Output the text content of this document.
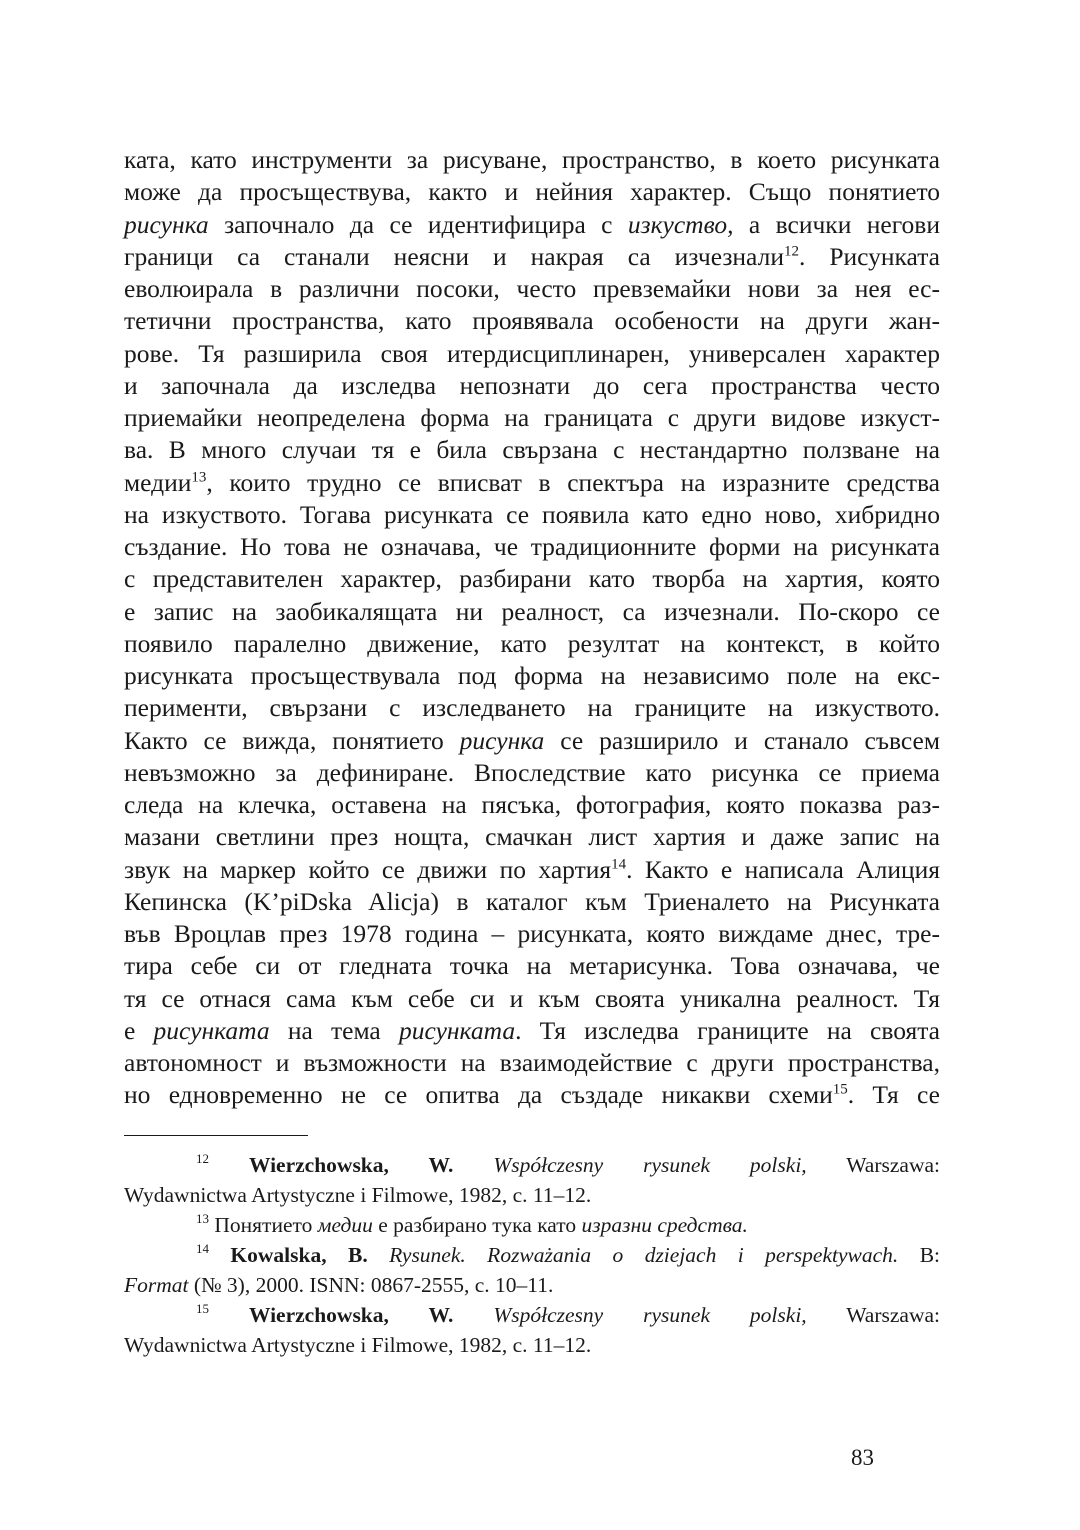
ката, като инструменти за рисуване, пространство, в което рисунката
може да просъществува, както и нейния характер. Също понятието
рисунка започнало да се идентифицира с изкуство, а всички негови
граници са станали неясни и накрая са изчезнали$^{12}$. Рисунката
еволюирала в различни посоки, често превземайки нови за нея ес-
тетични пространства, като проявявала особености на други жан-
рове. Тя разширила своя итердисциплинарен, универсален характер
и започнала да изследва непознати до сега пространства често
приемайки неопределена форма на границата с други видове изкуст-
ва. В много случаи тя е била свързана с нестандартно ползване на
медии$^{13}$, които трудно се вписват в спектъра на изразните средства
на изкуството. Тогава рисунката се появила като едно ново, хибридно
създание. Но това не означава, че традиционните форми на рисунката
с представителен характер, разбирани като творба на хартия, която
е запис на заобикалящата ни реалност, са изчезнали. По-скоро се
появило паралелно движение, като резултат на контекст, в който
рисунката просъществувала под форма на независимо поле на екс-
перименти, свързани с изследването на границите на изкуството.
Както се вижда, понятието рисунка се разширило и станало съвсем
невъзможно за дефиниране. Впоследствие като рисунка се приема
следа на клечка, оставена на пясъка, фотография, която показва раз-
мазани светлини през нощта, смачкан лист хартия и даже запис на
звук на маркер който се движи по хартия$^{14}$. Както е написала Алиция
Кепинска (K’piDska Alicja) в каталог към Триеналето на Рисунката
във Вроцлав през 1978 година – рисунката, която виждаме днес, тре-
тира себе си от гледната точка на метарисунка. Това означава, че
тя се отнася сама към себе си и към своята уникална реалност. Тя
е рисунката на тема рисунката. Тя изследва границите на своята
автономност и възможности на взаимодействие с други пространства,
но едновременно не се опитва да създаде никакви схеми$^{15}$. Тя се
$^{12}$ Wierzchowska, W. Współczesny rysunek polski, Warszawa:
Wydawnictwa Artystyczne i Filmowe, 1982, с. 11–12.
$^{13}$ Понятието медии е разбирано тука като изразни средства.
$^{14}$ Kowalska, B. Rysunek. Rozważania o dziejach i perspektywach. В:
Format (№ 3), 2000. ISNN: 0867-2555, с. 10–11.
$^{15}$ Wierzchowska, W. Współczesny rysunek polski, Warszawa:
Wydawnictwa Artystyczne i Filmowe, 1982, с. 11–12.
83
